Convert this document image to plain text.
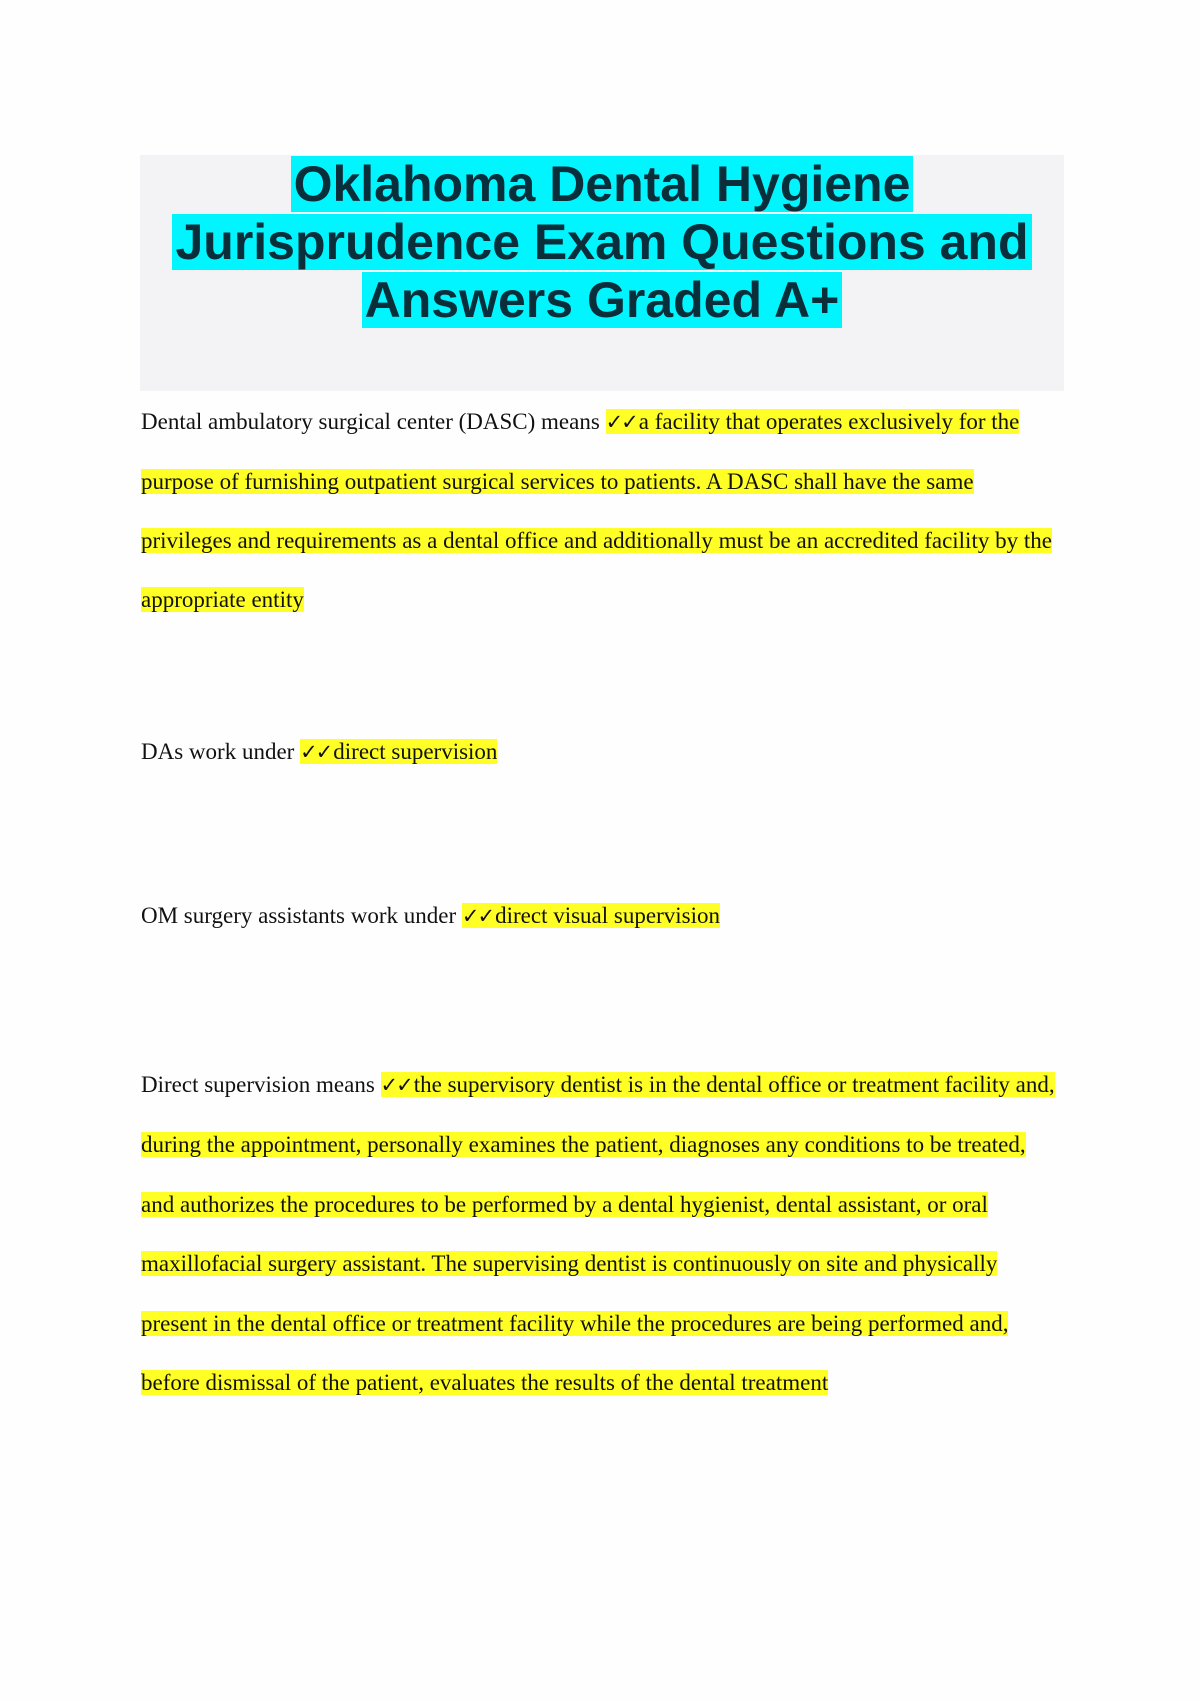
Oklahoma Dental Hygiene Jurisprudence Exam Questions and Answers Graded A+

Dental ambulatory surgical center (DASC) means ✓✓a facility that operates exclusively for the purpose of furnishing outpatient surgical services to patients. A DASC shall have the same privileges and requirements as a dental office and additionally must be an accredited facility by the appropriate entity

DAs work under ✓✓direct supervision

OM surgery assistants work under ✓✓direct visual supervision

Direct supervision means ✓✓the supervisory dentist is in the dental office or treatment facility and, during the appointment, personally examines the patient, diagnoses any conditions to be treated, and authorizes the procedures to be performed by a dental hygienist, dental assistant, or oral maxillofacial surgery assistant. The supervising dentist is continuously on site and physically present in the dental office or treatment facility while the procedures are being performed and, before dismissal of the patient, evaluates the results of the dental treatment
